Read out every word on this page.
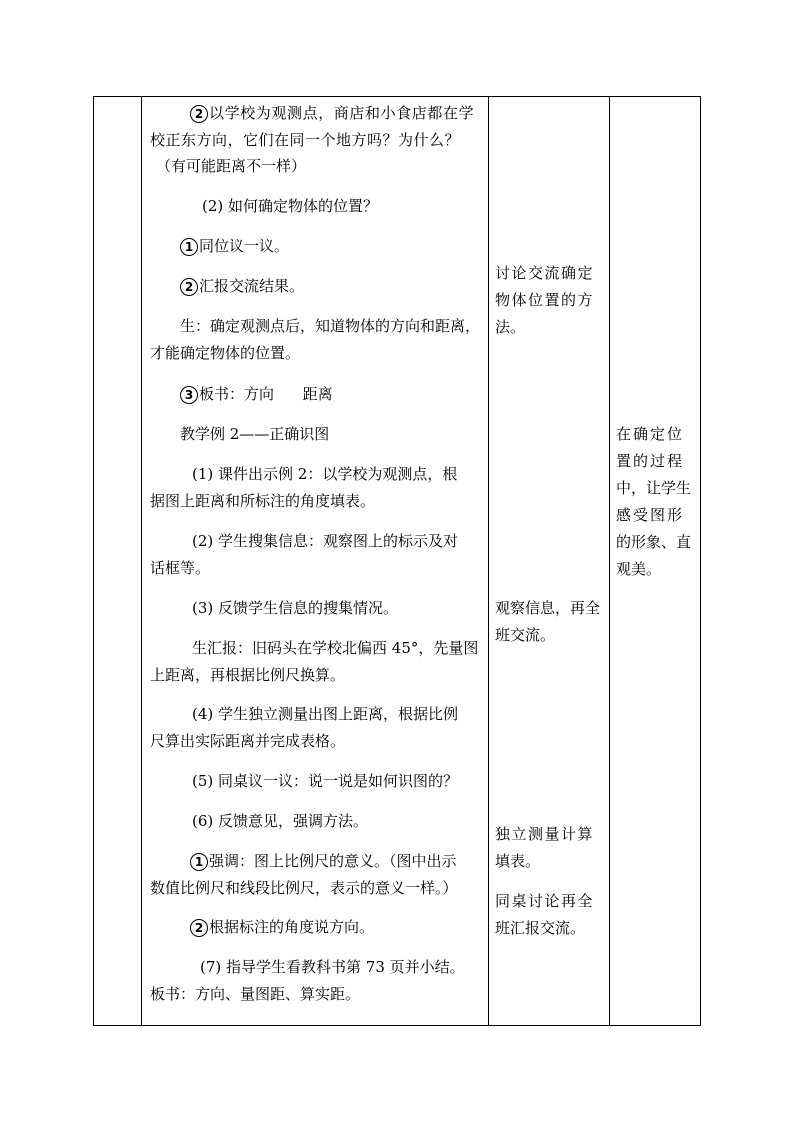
2 以学校为观测点，商店和小食店都在学

校正东方向，它们在同一个地方吗？为什么？

（有可能距离不一样）

(2) 如何确定物体的位置？

1 同位议一议。

2 汇报交流结果。

生：确定观测点后，知道物体的方向和距离，

才能确定物体的位置。

3 板书：方向      距离

教学例 2——正确识图

(1) 课件出示例 2：以学校为观测点，根

据图上距离和所标注的角度填表。

(2) 学生搜集信息：观察图上的标示及对

话框等。

(3) 反馈学生信息的搜集情况。

生汇报：旧码头在学校北偏西 45°，先量图

上距离，再根据比例尺换算。

(4) 学生独立测量出图上距离，根据比例

尺算出实际距离并完成表格。

(5) 同桌议一议：说一说是如何识图的？

(6) 反馈意见，强调方法。

1 强调：图上比例尺的意义。（图中出示

数值比例尺和线段比例尺，表示的意义一样。）

2 根据标注的角度说方向。

(7) 指导学生看教科书第 73 页并小结。

板书：方向、量图距、算实距。

讨论交流确定

物体位置的方

法。

观察信息，再全

班交流。

独立测量计算

填表。

同桌讨论再全

班汇报交流。

在确定位

置的过程

中，让学生

感受图形

的形象、直

观美。
